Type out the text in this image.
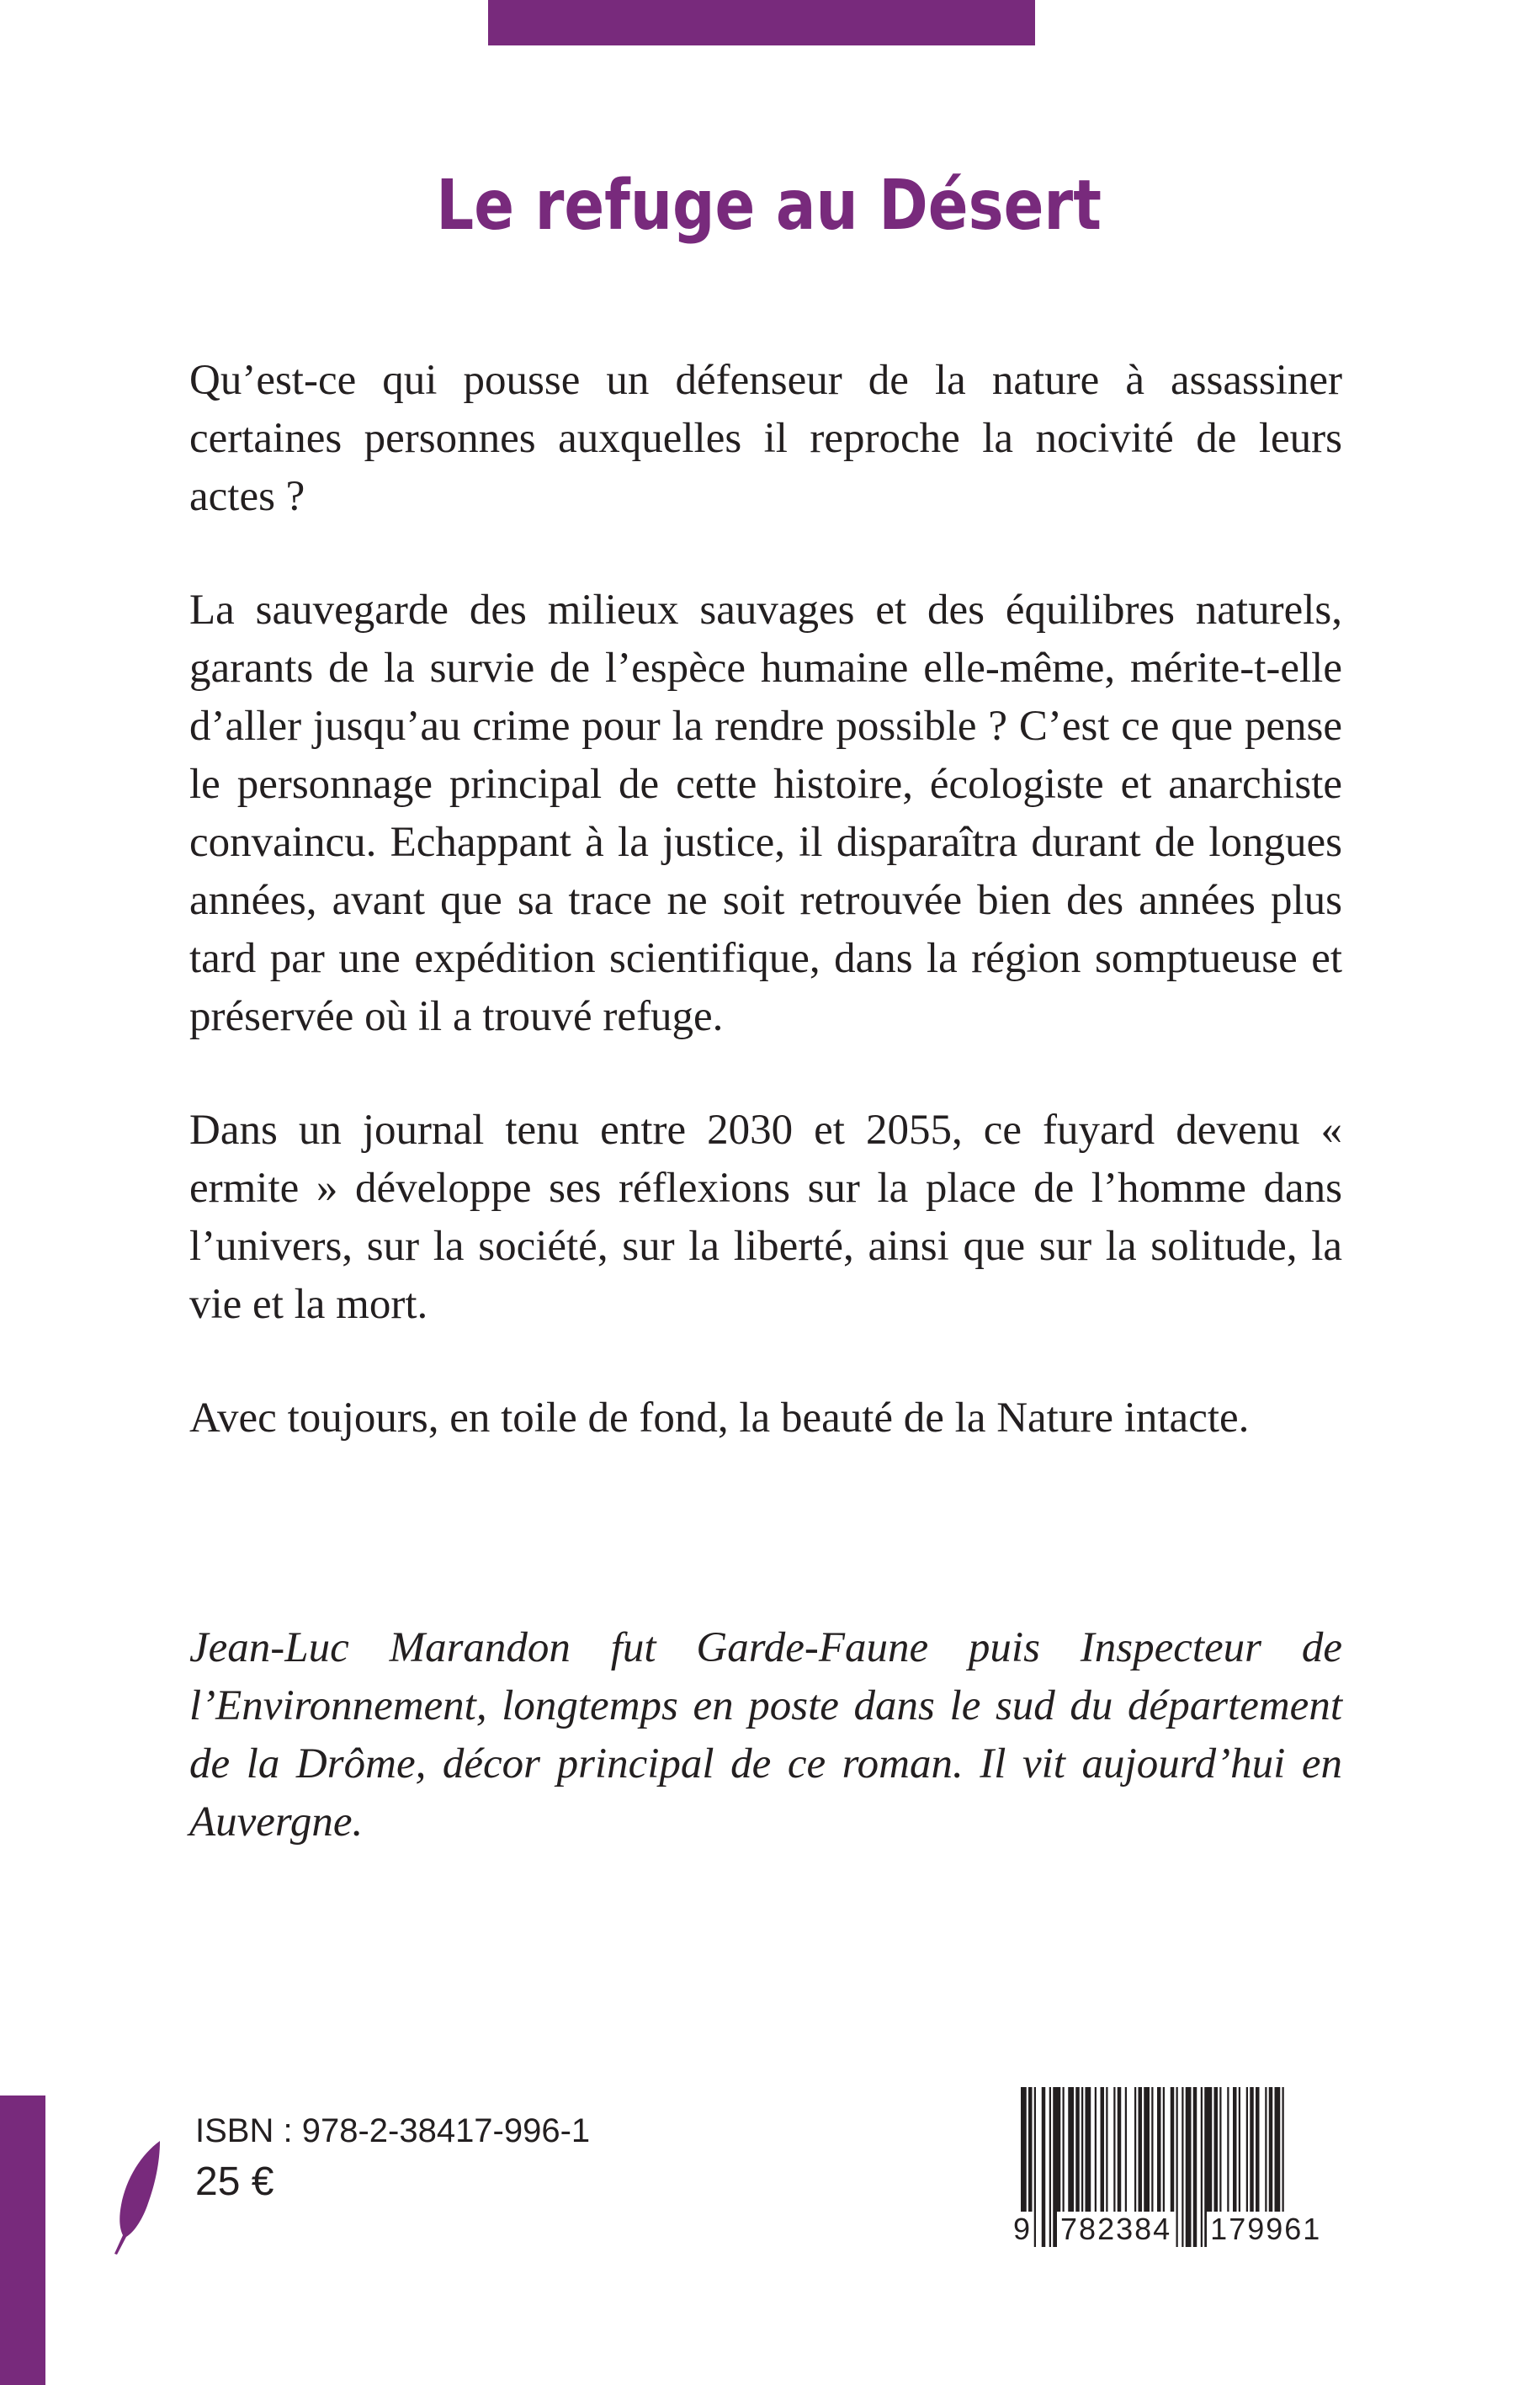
Le refuge au Désert

Qu’est-ce qui pousse un défenseur de la nature à assassiner certaines personnes auxquelles il reproche la nocivité de leurs actes ?

La sauvegarde des milieux sauvages et des équilibres naturels, garants de la survie de l’espèce humaine elle-même, mérite-t-elle d’aller jusqu’au crime pour la rendre possible ? C’est ce que pense le personnage principal de cette histoire, écologiste et anarchiste convaincu. Echappant à la justice, il disparaîtra durant de longues années, avant que sa trace ne soit retrouvée bien des années plus tard par une expédition scientifique, dans la région somptueuse et préservée où il a trouvé refuge.

Dans un journal tenu entre 2030 et 2055, ce fuyard devenu « ermite » développe ses réflexions sur la place de l’homme dans l’univers, sur la société, sur la liberté, ainsi que sur la solitude, la vie et la mort.

Avec toujours, en toile de fond, la beauté de la Nature intacte.

Jean-Luc Marandon fut Garde-Faune puis Inspecteur de l’Environnement, longtemps en poste dans le sud du département de la Drôme, décor principal de ce roman. Il vit aujourd’hui en Auvergne.

ISBN : 978-2-38417-996-1
25 €
9 782384 179961
